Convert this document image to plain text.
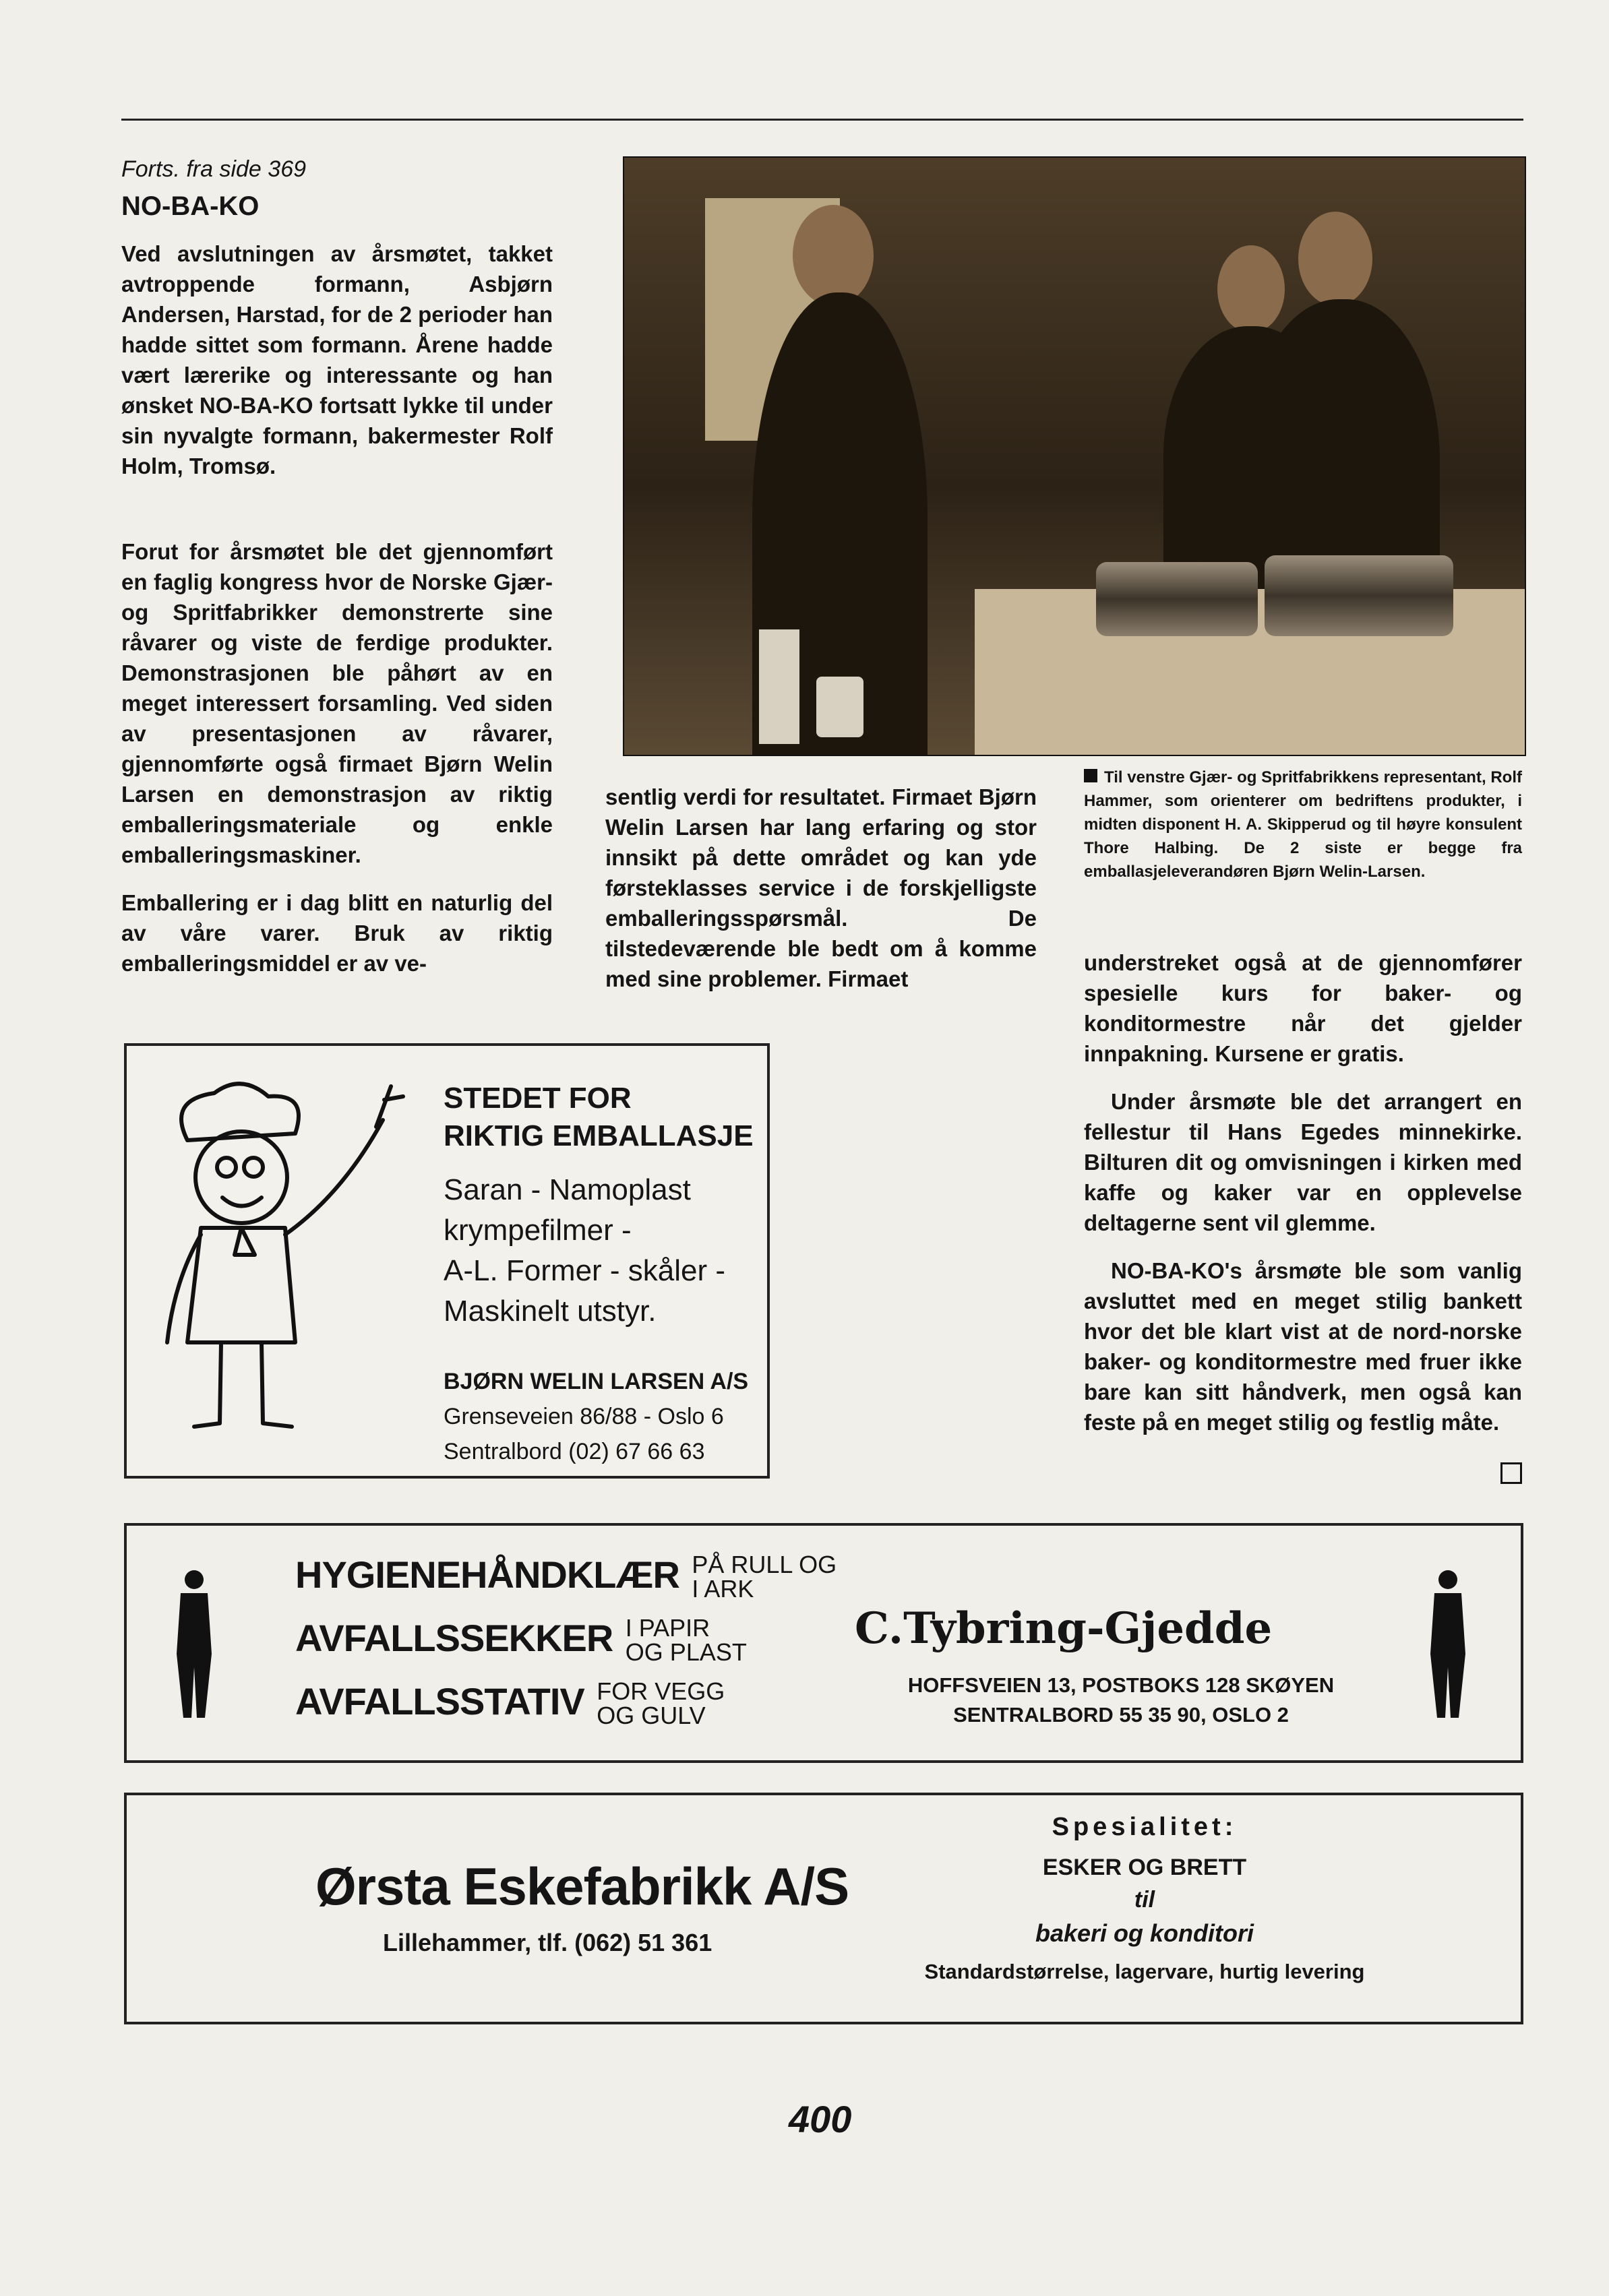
Forts. fra side 369
NO-BA-KO

Ved avslutningen av årsmøtet, takket avtroppende formann, Asbjørn Andersen, Harstad, for de 2 perioder han hadde sittet som formann. Årene hadde vært lærerike og interessante og han ønsket NO-BA-KO fortsatt lykke til under sin nyvalgte formann, bakermester Rolf Holm, Tromsø.

Forut for årsmøtet ble det gjennomført en faglig kongress hvor de Norske Gjær- og Spritfabrikker demonstrerte sine råvarer og viste de ferdige produkter. Demonstrasjonen ble påhørt av en meget interessert forsamling. Ved siden av presentasjonen av råvarer, gjennomførte også firmaet Bjørn Welin Larsen en demonstrasjon av riktig emballeringsmateriale og enkle emballeringsmaskiner.

Emballering er i dag blitt en naturlig del av våre varer. Bruk av riktig emballeringsmiddel er av ve-

Til venstre Gjær- og Spritfabrikkens representant, Rolf Hammer, som orienterer om bedriftens produkter, i midten disponent H. A. Skipperud og til høyre konsulent Thore Halbing. De 2 siste er begge fra emballasjeleverandøren Bjørn Welin-Larsen.

sentlig verdi for resultatet. Firmaet Bjørn Welin Larsen har lang erfaring og stor innsikt på dette området og kan yde førsteklasses service i de forskjelligste emballeringsspørsmål. De tilstedeværende ble bedt om å komme med sine problemer. Firmaet

understreket også at de gjennomfører spesielle kurs for baker- og konditormestre når det gjelder innpakning. Kursene er gratis.

Under årsmøte ble det arrangert en fellestur til Hans Egedes minnekirke. Bilturen dit og omvisningen i kirken med kaffe og kaker var en opplevelse deltagerne sent vil glemme.

NO-BA-KO's årsmøte ble som vanlig avsluttet med en meget stilig bankett hvor det ble klart vist at de nord-norske baker- og konditormestre med fruer ikke bare kan sitt håndverk, men også kan feste på en meget stilig og festlig måte.

STEDET FOR
RIKTIG EMBALLASJE
Saran - Namoplast
krympefilmer -
A-L. Former - skåler -
Maskinelt utstyr.
BJØRN WELIN LARSEN A/S
Grenseveien 86/88 - Oslo 6
Sentralbord (02) 67 66 63
HYGIENEHÅNDKLÆR PÅ RULL OG
I ARK
AVFALLSSEKKER I PAPIR
OG PLAST
AVFALLSSTATIV FOR VEGG
OG GULV
C.Tybring-Gjedde
HOFFSVEIEN 13, POSTBOKS 128 SKØYEN
SENTRALBORD 55 35 90, OSLO 2
Ørsta Eskefabrikk A/S
Lillehammer, tlf. (062) 51 361
Spesialitet:
ESKER OG BRETT
til
bakeri og konditori
Standardstørrelse, lagervare, hurtig levering
400
